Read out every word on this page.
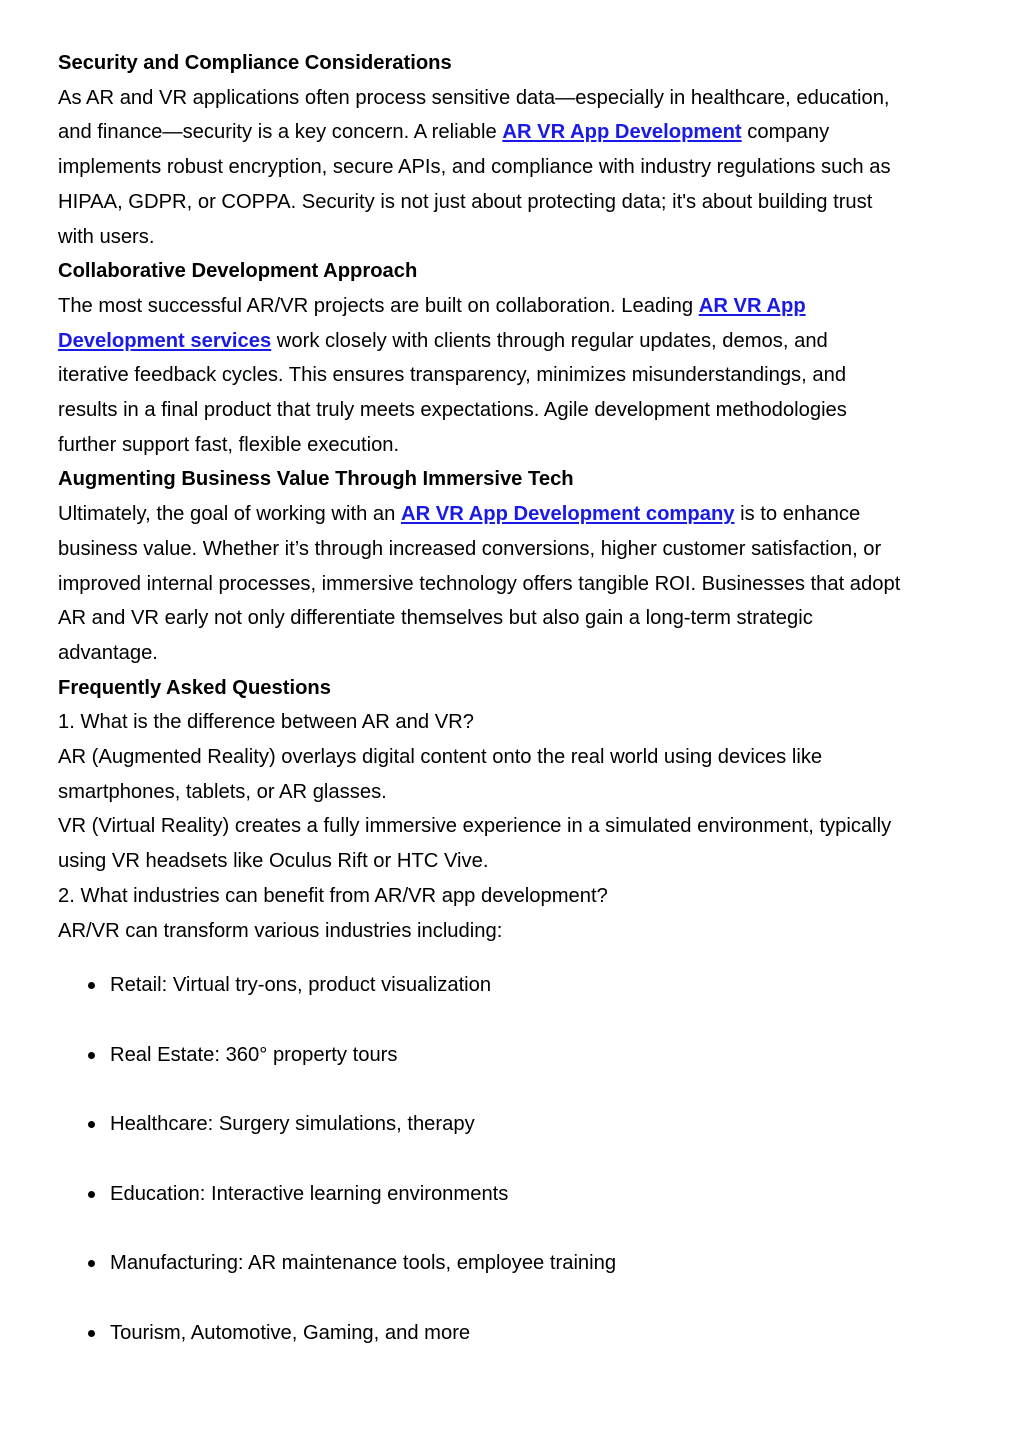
Security and Compliance Considerations
As AR and VR applications often process sensitive data—especially in healthcare, education,
and finance—security is a key concern. A reliable AR VR App Development company
implements robust encryption, secure APIs, and compliance with industry regulations such as
HIPAA, GDPR, or COPPA. Security is not just about protecting data; it's about building trust
with users.
Collaborative Development Approach
The most successful AR/VR projects are built on collaboration. Leading AR VR App
Development services work closely with clients through regular updates, demos, and
iterative feedback cycles. This ensures transparency, minimizes misunderstandings, and
results in a final product that truly meets expectations. Agile development methodologies
further support fast, flexible execution.
Augmenting Business Value Through Immersive Tech
Ultimately, the goal of working with an AR VR App Development company is to enhance
business value. Whether it’s through increased conversions, higher customer satisfaction, or
improved internal processes, immersive technology offers tangible ROI. Businesses that adopt
AR and VR early not only differentiate themselves but also gain a long-term strategic
advantage.
Frequently Asked Questions
1. What is the difference between AR and VR?
AR (Augmented Reality) overlays digital content onto the real world using devices like
smartphones, tablets, or AR glasses.
VR (Virtual Reality) creates a fully immersive experience in a simulated environment, typically
using VR headsets like Oculus Rift or HTC Vive.
2. What industries can benefit from AR/VR app development?
AR/VR can transform various industries including:
Retail: Virtual try-ons, product visualization
Real Estate: 360° property tours
Healthcare: Surgery simulations, therapy
Education: Interactive learning environments
Manufacturing: AR maintenance tools, employee training
Tourism, Automotive, Gaming, and more
